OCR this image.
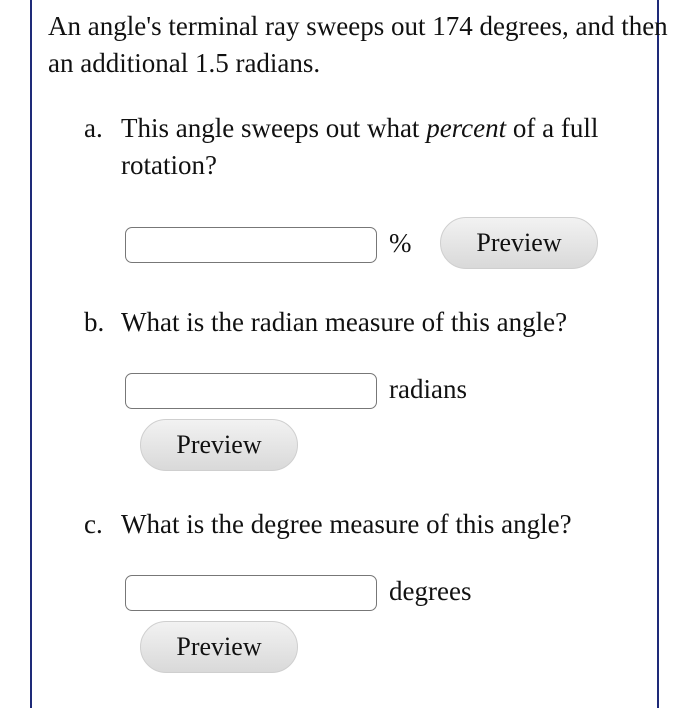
An angle's terminal ray sweeps out 174 degrees, and then an additional 1.5 radians.
a. This angle sweeps out what percent of a full rotation?
%	Preview
b. What is the radian measure of this angle?
radians
Preview
c. What is the degree measure of this angle?
degrees
Preview
